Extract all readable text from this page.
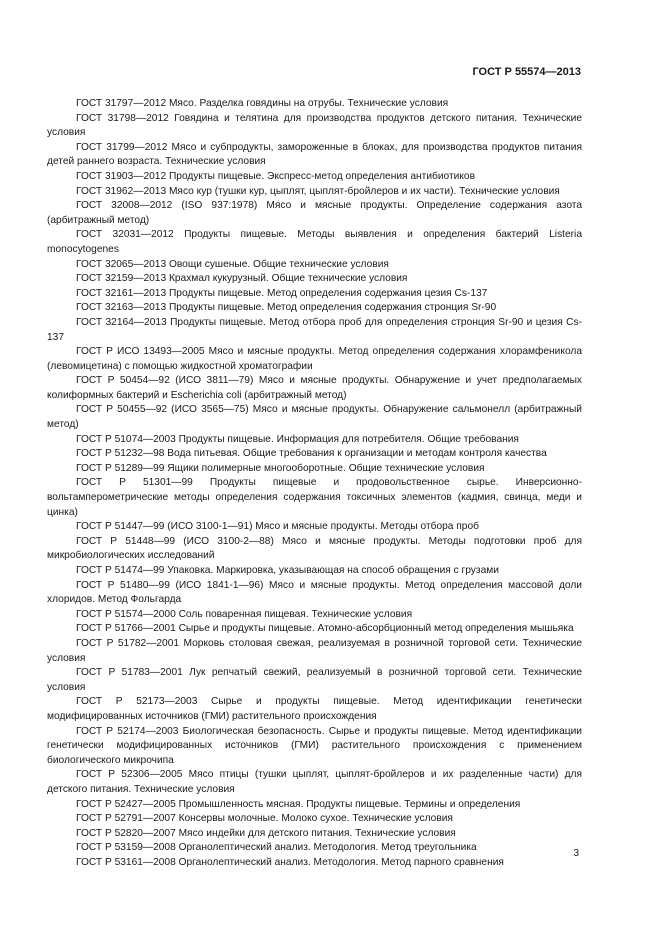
ГОСТ Р 55574—2013

ГОСТ 31797—2012 Мясо. Разделка говядины на отрубы. Технические условия

ГОСТ 31798—2012 Говядина и телятина для производства продуктов детского питания. Технические условия

ГОСТ 31799—2012 Мясо и субпродукты, замороженные в блоках, для производства продуктов питания детей раннего возраста. Технические условия

ГОСТ 31903—2012 Продукты пищевые. Экспресс-метод определения антибиотиков

ГОСТ 31962—2013 Мясо кур (тушки кур, цыплят, цыплят-бройлеров и их части). Технические условия

ГОСТ 32008—2012 (ISO 937:1978) Мясо и мясные продукты. Определение содержания азота (арбитражный метод)

ГОСТ 32031—2012 Продукты пищевые. Методы выявления и определения бактерий Listeria monocytogenes

ГОСТ 32065—2013 Овощи сушеные. Общие технические условия

ГОСТ 32159—2013 Крахмал кукурузный. Общие технические условия

ГОСТ 32161—2013 Продукты пищевые. Метод определения содержания цезия Cs-137

ГОСТ 32163—2013 Продукты пищевые. Метод определения содержания стронция Sr-90

ГОСТ 32164—2013 Продукты пищевые. Метод отбора проб для определения стронция Sr-90 и цезия Cs-137

ГОСТ Р ИСО 13493—2005 Мясо и мясные продукты. Метод определения содержания хлорамфеникола (левомицетина) с помощью жидкостной хроматографии

ГОСТ Р 50454—92 (ИСО 3811—79) Мясо и мясные продукты. Обнаружение и учет предполагаемых колиформных бактерий и Escherichia coli (арбитражный метод)

ГОСТ Р 50455—92 (ИСО 3565—75) Мясо и мясные продукты. Обнаружение сальмонелл (арбитражный метод)

ГОСТ Р 51074—2003 Продукты пищевые. Информация для потребителя. Общие требования

ГОСТ Р 51232—98 Вода питьевая. Общие требования к организации и методам контроля качества

ГОСТ Р 51289—99 Ящики полимерные многооборотные. Общие технические условия

ГОСТ Р 51301—99 Продукты пищевые и продовольственное сырье. Инверсионно-вольтамперометрические методы определения содержания токсичных элементов (кадмия, свинца, меди и цинка)

ГОСТ Р 51447—99 (ИСО 3100-1—91) Мясо и мясные продукты. Методы отбора проб

ГОСТ Р 51448—99 (ИСО 3100-2—88) Мясо и мясные продукты. Методы подготовки проб для микробиологических исследований

ГОСТ Р 51474—99 Упаковка. Маркировка, указывающая на способ обращения с грузами

ГОСТ Р 51480—99 (ИСО 1841-1—96) Мясо и мясные продукты. Метод определения массовой доли хлоридов. Метод Фольгарда

ГОСТ Р 51574—2000 Соль поваренная пищевая. Технические условия

ГОСТ Р 51766—2001 Сырье и продукты пищевые. Атомно-абсорбционный метод определения мышьяка

ГОСТ Р 51782—2001 Морковь столовая свежая, реализуемая в розничной торговой сети. Технические условия

ГОСТ Р 51783—2001 Лук репчатый свежий, реализуемый в розничной торговой сети. Технические условия

ГОСТ Р 52173—2003 Сырье и продукты пищевые. Метод идентификации генетически модифицированных источников (ГМИ) растительного происхождения

ГОСТ Р 52174—2003 Биологическая безопасность. Сырье и продукты пищевые. Метод идентификации генетически модифицированных источников (ГМИ) растительного происхождения с применением биологического микрочипа

ГОСТ Р 52306—2005 Мясо птицы (тушки цыплят, цыплят-бройлеров и их разделенные части) для детского питания. Технические условия

ГОСТ Р 52427—2005 Промышленность мясная. Продукты пищевые. Термины и определения

ГОСТ Р 52791—2007 Консервы молочные. Молоко сухое. Технические условия

ГОСТ Р 52820—2007 Мясо индейки для детского питания. Технические условия

ГОСТ Р 53159—2008 Органолептический анализ. Методология. Метод треугольника

ГОСТ Р 53161—2008 Органолептический анализ. Методология. Метод парного сравнения

3
